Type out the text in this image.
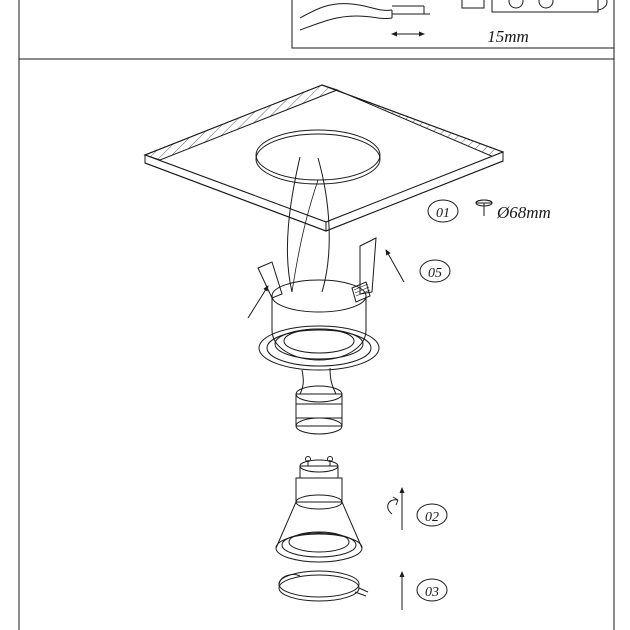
15mm
01	Ø68mm
05
02
03
